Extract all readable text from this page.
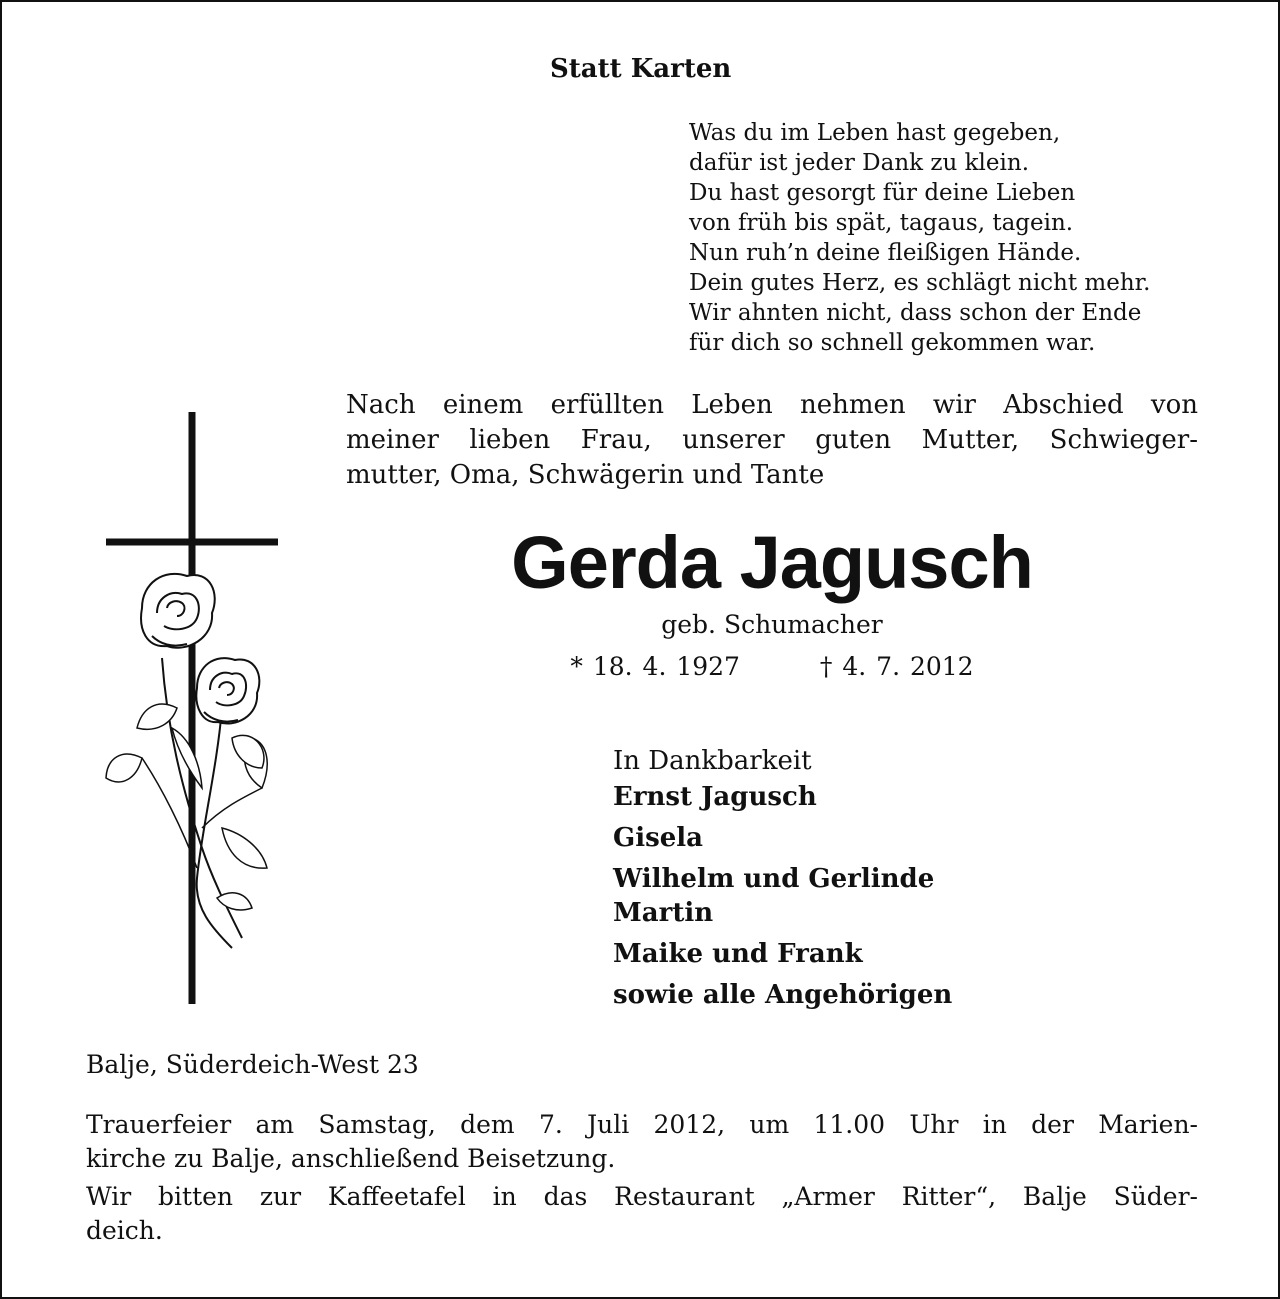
Statt Karten
Was du im Leben hast gegeben,
dafür ist jeder Dank zu klein.
Du hast gesorgt für deine Lieben
von früh bis spät, tagaus, tagein.
Nun ruh’n deine fleißigen Hände.
Dein gutes Herz, es schlägt nicht mehr.
Wir ahnten nicht, dass schon der Ende
für dich so schnell gekommen war.
Nach einem erfüllten Leben nehmen wir Abschied von
meiner lieben Frau, unserer guten Mutter, Schwieger-
mutter, Oma, Schwägerin und Tante
Gerda Jagusch
geb. Schumacher
* 18. 4. 1927	† 4. 7. 2012
In Dankbarkeit
Ernst Jagusch
Gisela
Wilhelm und Gerlinde
Martin
Maike und Frank
sowie alle Angehörigen
Balje, Süderdeich-West 23
Trauerfeier am Samstag, dem 7. Juli 2012, um 11.00 Uhr in der Marien-
kirche zu Balje, anschließend Beisetzung.
Wir bitten zur Kaffeetafel in das Restaurant „Armer Ritter“, Balje Süder-
deich.
